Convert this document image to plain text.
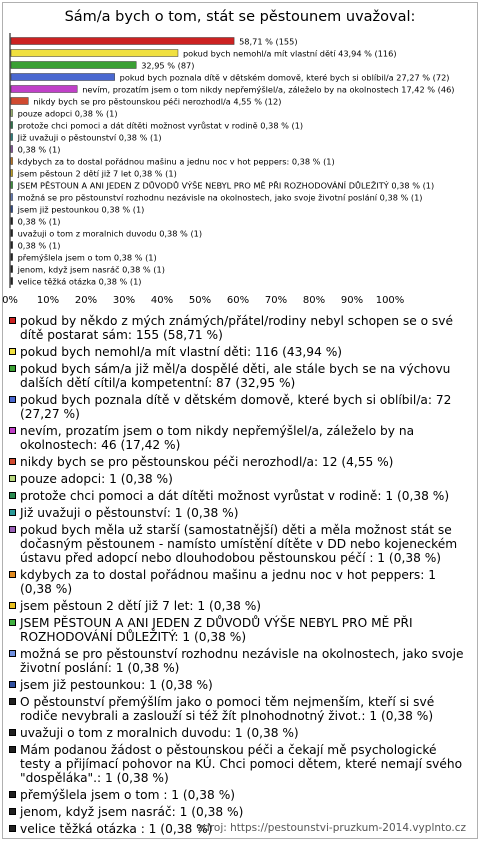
Sám/a bych o tom, stát se pěstounem uvažoval:
58,71 % (155)
pokud bych nemohl/a mít vlastní dětí 43,94 % (116)
32,95 % (87)
pokud bych poznala dítě v dětském domově, které bych si oblíbil/a 27,27 % (72)
nevím, prozatím jsem o tom nikdy nepřemýšlel/a, záleželo by na okolnostech 17,42 % (46)
nikdy bych se pro pěstounskou péči nerozhodl/a 4,55 % (12)
pouze adopci 0,38 % (1)
protože chci pomoci a dát dítěti možnost vyrůstat v rodině 0,38 % (1)
Již uvažuji o pěstounství 0,38 % (1)
0,38 % (1)
kdybych za to dostal pořádnou mašinu a jednu noc v hot peppers: 0,38 % (1)
jsem pěstoun 2 dětí již 7 let 0,38 % (1)
JSEM PĚSTOUN A ANI JEDEN Z DŮVODŮ VÝŠE NEBYL PRO MĚ PŘI ROZHODOVÁNÍ DŮLEŽITÝ 0,38 % (1)
možná se pro pěstounství rozhodnu nezávisle na okolnostech, jako svoje životní poslání 0,38 % (1)
jsem již pestounkou 0,38 % (1)
0,38 % (1)
uvažuji o tom z moralnich duvodu 0,38 % (1)
0,38 % (1)
přemýšlela jsem o tom 0,38 % (1)
jenom, když jsem nasráč 0,38 % (1)
velice těžká otázka 0,38 % (1)
0% 10% 20% 30% 40% 50% 60% 70% 80% 90% 100%
pokud by někdo z mých známých/přátel/rodiny nebyl schopen se o své dítě postarat sám: 155 (58,71 %)
pokud bych nemohl/a mít vlastní děti: 116 (43,94 %)
pokud bych sám/a již měl/a dospělé děti, ale stále bych se na výchovu dalších dětí cítil/a kompetentní: 87 (32,95 %)
pokud bych poznala dítě v dětském domově, které bych si oblíbil/a: 72 (27,27 %)
nevím, prozatím jsem o tom nikdy nepřemýšlel/a, záleželo by na okolnostech: 46 (17,42 %)
nikdy bych se pro pěstounskou péči nerozhodl/a: 12 (4,55 %)
pouze adopci: 1 (0,38 %)
protože chci pomoci a dát dítěti možnost vyrůstat v rodině: 1 (0,38 %)
Již uvažuji o pěstounství: 1 (0,38 %)
pokud bych měla už starší (samostatnější) děti a měla možnost stát se dočasným pěstounem - namísto umístění dítěte v DD nebo kojeneckém ústavu před adopcí nebo dlouhodobou pěstounskou péčí : 1 (0,38 %)
kdybych za to dostal pořádnou mašinu a jednu noc v hot peppers: 1 (0,38 %)
jsem pěstoun 2 dětí již 7 let: 1 (0,38 %)
JSEM PĚSTOUN A ANI JEDEN Z DŮVODŮ VÝŠE NEBYL PRO MĚ PŘI ROZHODOVÁNÍ DŮLEŽITÝ: 1 (0,38 %)
možná se pro pěstounství rozhodnu nezávisle na okolnostech, jako svoje životní poslání: 1 (0,38 %)
jsem již pestounkou: 1 (0,38 %)
O pěstounství přemýšlím jako o pomoci těm nejmenším, kteří si své rodiče nevybrali a zaslouží si též žít plnohodnotný život.: 1 (0,38 %)
uvažuji o tom z moralnich duvodu: 1 (0,38 %)
Mám podanou žádost o pěstounskou péči a čekají mě psychologické testy a přijímací pohovor na KÚ. Chci pomoci dětem, které nemají svého "dospěláka".: 1 (0,38 %)
přemýšlela jsem o tom : 1 (0,38 %)
jenom, když jsem nasráč: 1 (0,38 %)
velice těžká otázka : 1 (0,38 %)
zdroj: https://pestounstvi-pruzkum-2014.vyplnto.cz
